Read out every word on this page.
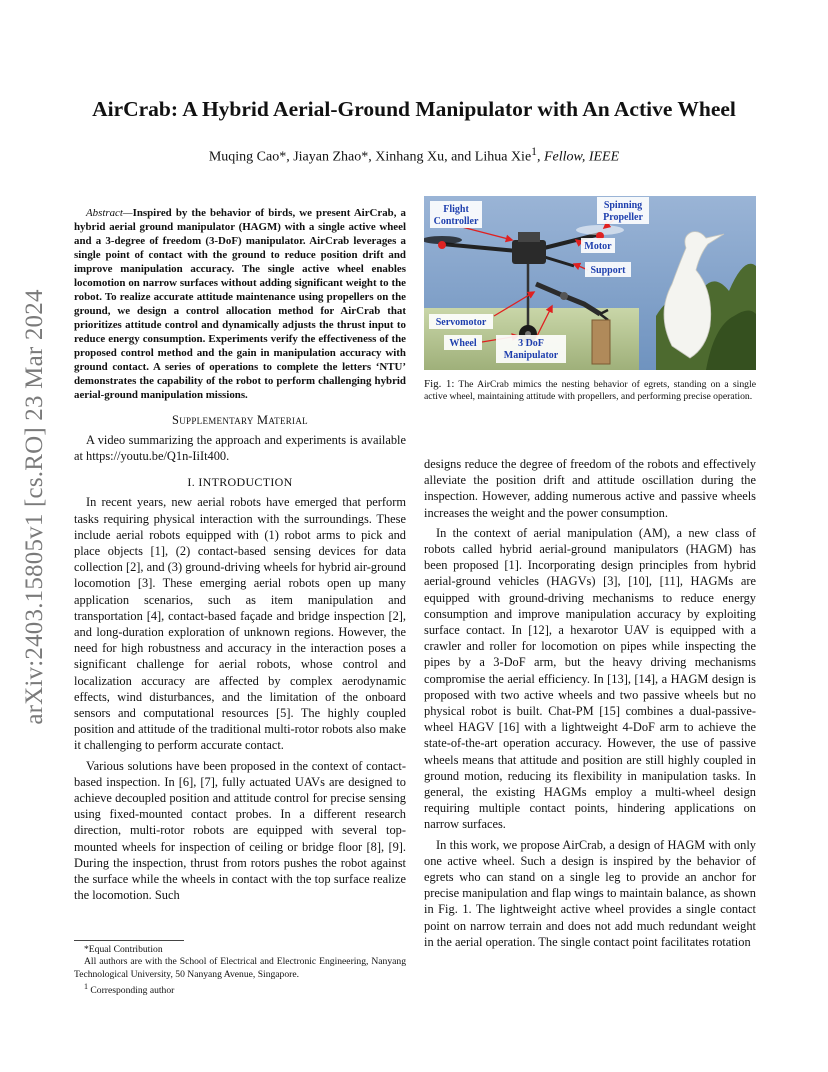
arXiv:2403.15805v1 [cs.RO] 23 Mar 2024
AirCrab: A Hybrid Aerial-Ground Manipulator with An Active Wheel
Muqing Cao*, Jiayan Zhao*, Xinhang Xu, and Lihua Xie$^1$, Fellow, IEEE

Abstract—Inspired by the behavior of birds, we present AirCrab, a hybrid aerial ground manipulator (HAGM) with a single active wheel and a 3-degree of freedom (3-DoF) manipulator. AirCrab leverages a single point of contact with the ground to reduce position drift and improve manipulation accuracy. The single active wheel enables locomotion on narrow surfaces without adding significant weight to the robot. To realize accurate attitude maintenance using propellers on the ground, we design a control allocation method for AirCrab that prioritizes attitude control and dynamically adjusts the thrust input to reduce energy consumption. Experiments verify the effectiveness of the proposed control method and the gain in manipulation accuracy with ground contact. A series of operations to complete the letters ‘NTU’ demonstrates the capability of the robot to perform challenging hybrid aerial-ground manipulation missions.

Supplementary Material

A video summarizing the approach and experiments is available at https://youtu.be/Q1n-IiIt400.

I. INTRODUCTION

In recent years, new aerial robots have emerged that perform tasks requiring physical interaction with the surroundings. These include aerial robots equipped with (1) robot arms to pick and place objects [1], (2) contact-based sensing devices for data collection [2], and (3) ground-driving wheels for hybrid air-ground locomotion [3]. These emerging aerial robots open up many application scenarios, such as item manipulation and transportation [4], contact-based façade and bridge inspection [2], and long-duration exploration of unknown regions. However, the need for high robustness and accuracy in the interaction poses a significant challenge for aerial robots, whose control and localization accuracy are affected by complex aerodynamic effects, wind disturbances, and the limitation of the onboard sensors and computational resources [5]. The highly coupled position and attitude of the traditional multi-rotor robots also make it challenging to perform accurate contact.

Various solutions have been proposed in the context of contact-based inspection. In [6], [7], fully actuated UAVs are designed to achieve decoupled position and attitude control for precise sensing using fixed-mounted contact probes. In a different research direction, multi-rotor robots are equipped with several top-mounted wheels for inspection of ceiling or bridge floor [8], [9]. During the inspection, thrust from rotors pushes the robot against the surface while the wheels in contact with the top surface realize the locomotion. Such

*Equal Contribution
All authors are with the School of Electrical and Electronic Engineering, Nanyang Technological University, 50 Nanyang Avenue, Singapore.
$^1$ Corresponding author
Flight
Controller
Spinning
Propeller
Motor
Support
Servomotor
Wheel	3 DoF
Manipulator
Fig. 1: The AirCrab mimics the nesting behavior of egrets, standing on a single active wheel, maintaining attitude with propellers, and performing precise operation.

designs reduce the degree of freedom of the robots and effectively alleviate the position drift and attitude oscillation during the inspection. However, adding numerous active and passive wheels increases the weight and the power consumption.

In the context of aerial manipulation (AM), a new class of robots called hybrid aerial-ground manipulators (HAGM) has been proposed [1]. Incorporating design principles from hybrid aerial-ground vehicles (HAGVs) [3], [10], [11], HAGMs are equipped with ground-driving mechanisms to reduce energy consumption and improve manipulation accuracy by exploiting surface contact. In [12], a hexarotor UAV is equipped with a crawler and roller for locomotion on pipes while inspecting the pipes by a 3-DoF arm, but the heavy driving mechanisms compromise the aerial efficiency. In [13], [14], a HAGM design is proposed with two active wheels and two passive wheels but no physical robot is built. Chat-PM [15] combines a dual-passive-wheel HAGV [16] with a lightweight 4-DoF arm to achieve the state-of-the-art operation accuracy. However, the use of passive wheels means that attitude and position are still highly coupled in ground motion, reducing its flexibility in manipulation tasks. In general, the existing HAGMs employ a multi-wheel design requiring multiple contact points, hindering applications on narrow surfaces.

In this work, we propose AirCrab, a design of HAGM with only one active wheel. Such a design is inspired by the behavior of egrets who can stand on a single leg to provide an anchor for precise manipulation and flap wings to maintain balance, as shown in Fig. 1. The lightweight active wheel provides a single contact point on narrow terrain and does not add much redundant weight in the aerial operation. The single contact point facilitates rotation
